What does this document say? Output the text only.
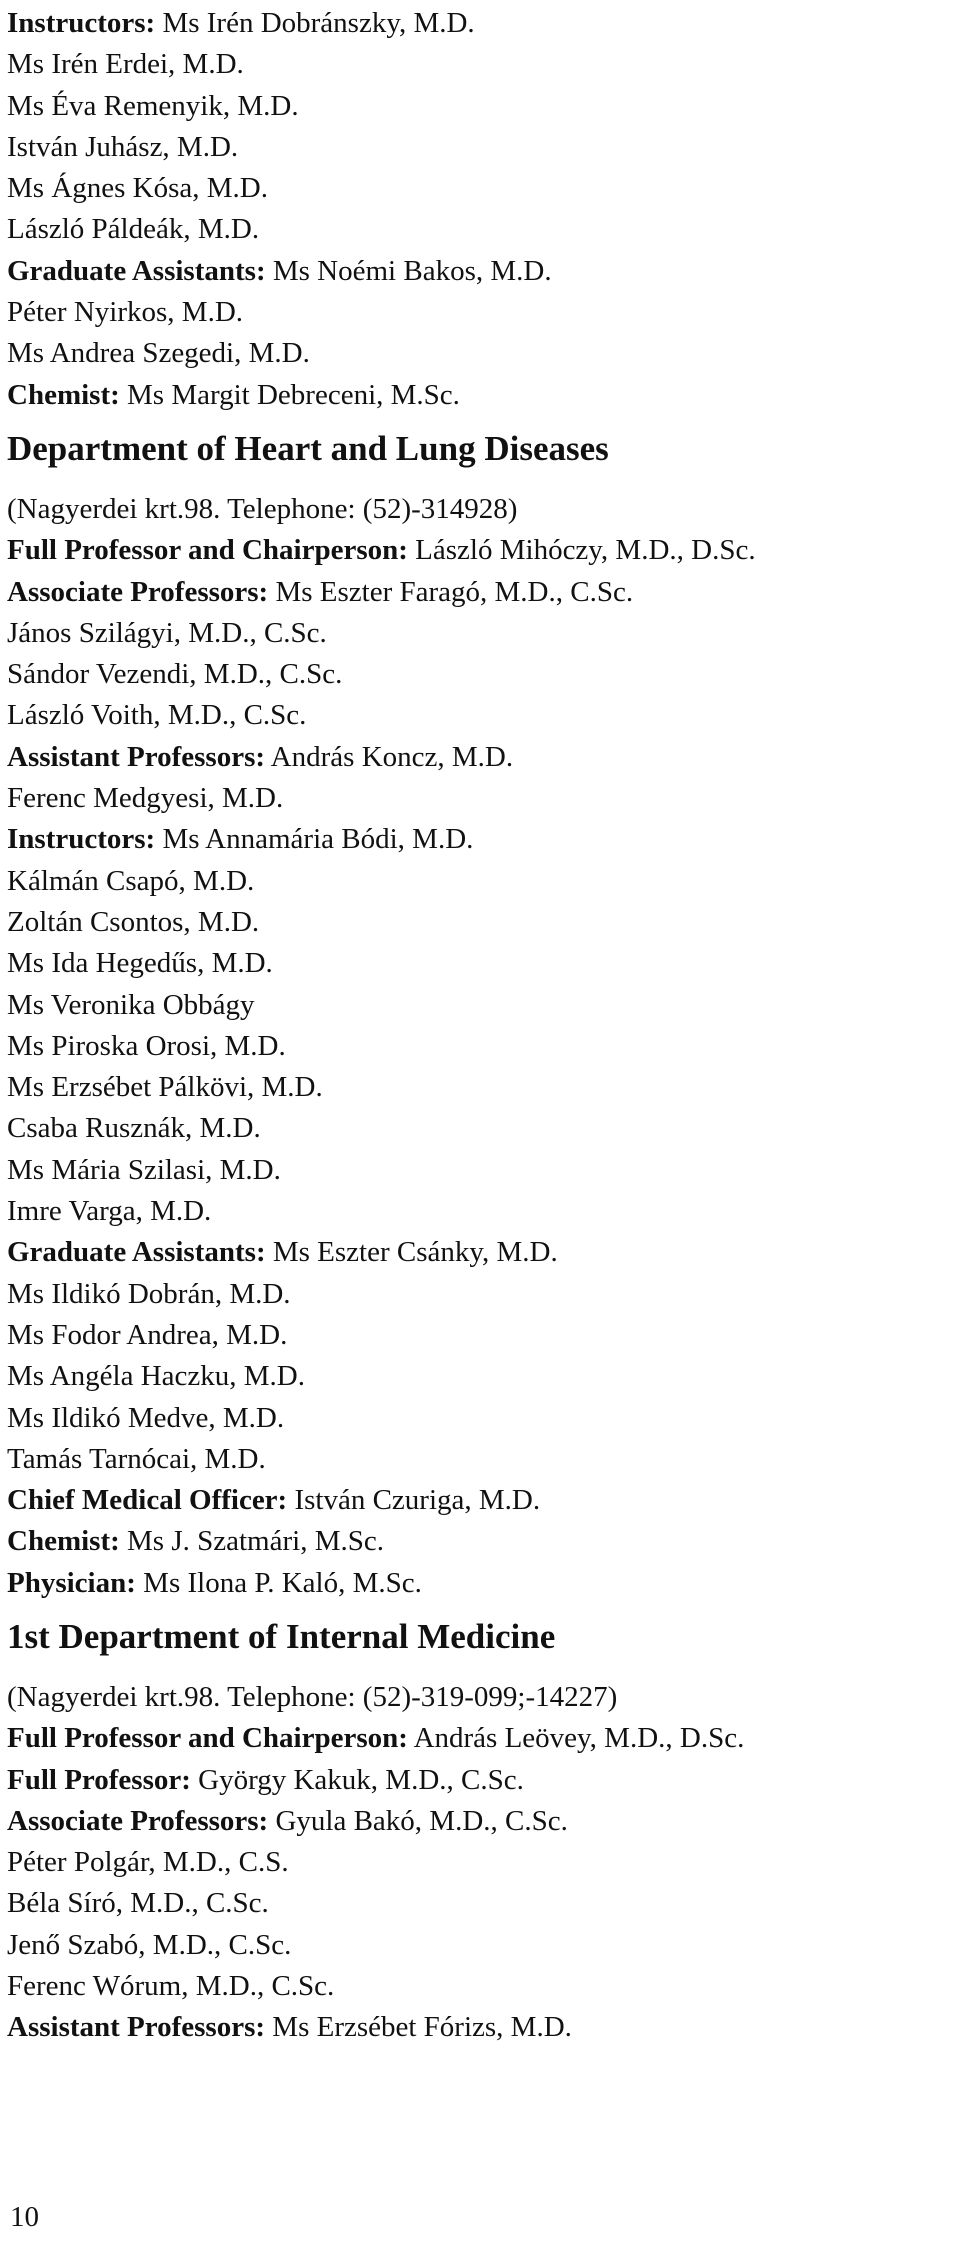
Instructors: Ms Irén Dobránszky, M.D.
Ms Irén Erdei, M.D.
Ms Éva Remenyik, M.D.
István Juhász, M.D.
Ms Ágnes Kósa, M.D.
László Páldeák, M.D.
Graduate Assistants: Ms Noémi Bakos, M.D.
Péter Nyirkos, M.D.
Ms Andrea Szegedi, M.D.
Chemist: Ms Margit Debreceni, M.Sc.
Department of Heart and Lung Diseases
(Nagyerdei krt.98. Telephone: (52)-314928)
Full Professor and Chairperson: László Mihóczy, M.D., D.Sc.
Associate Professors: Ms Eszter Faragó, M.D., C.Sc.
János Szilágyi, M.D., C.Sc.
Sándor Vezendi, M.D., C.Sc.
László Voith, M.D., C.Sc.
Assistant Professors: András Koncz, M.D.
Ferenc Medgyesi, M.D.
Instructors: Ms Annamária Bódi, M.D.
Kálmán Csapó, M.D.
Zoltán Csontos, M.D.
Ms Ida Hegedűs, M.D.
Ms Veronika Obbágy
Ms Piroska Orosi, M.D.
Ms Erzsébet Pálkövi, M.D.
Csaba Rusznák, M.D.
Ms Mária Szilasi, M.D.
Imre Varga, M.D.
Graduate Assistants: Ms Eszter Csánky, M.D.
Ms Ildikó Dobrán, M.D.
Ms Fodor Andrea, M.D.
Ms Angéla Haczku, M.D.
Ms Ildikó Medve, M.D.
Tamás Tarnócai, M.D.
Chief Medical Officer: István Czuriga, M.D.
Chemist: Ms J. Szatmári, M.Sc.
Physician: Ms Ilona P. Kaló, M.Sc.
1st Department of Internal Medicine
(Nagyerdei krt.98. Telephone: (52)-319-099;-14227)
Full Professor and Chairperson: András Leövey, M.D., D.Sc.
Full Professor: György Kakuk, M.D., C.Sc.
Associate Professors: Gyula Bakó, M.D., C.Sc.
Péter Polgár, M.D., C.S.
Béla Síró, M.D., C.Sc.
Jenő Szabó, M.D., C.Sc.
Ferenc Wórum, M.D., C.Sc.
Assistant Professors: Ms Erzsébet Fórizs, M.D.
10
